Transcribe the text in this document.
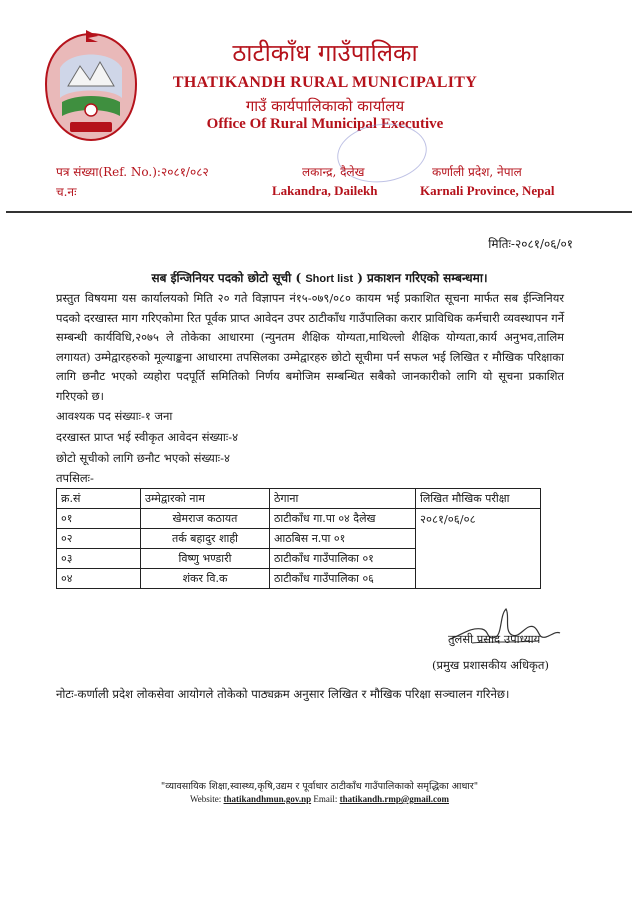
ठाटीकाँध गाउँपालिका
THATIKANDH RURAL MUNICIPALITY
गाउँ कार्यपालिकाको कार्यालय
Office Of Rural Municipal Executive
पत्र संख्या(Ref. No.):२०८१/०८२
च.नः
लकान्द्र, दैलेख
Lakandra, Dailekh
कर्णाली प्रदेश, नेपाल
Karnali Province, Nepal
मितिः-२०८१/०६/०१
सब ईन्जिनियर पदको छोटो सूची ( Short list ) प्रकाशन गरिएको सम्बन्धमा।
प्रस्तुत विषयमा यस कार्यालयको मिति २० गते विज्ञापन नं१५-०७९/०८० कायम भई प्रकाशित सूचना मार्फत सब ईन्जिनियर पदको दरखास्त माग गरिएकोमा रित पूर्वक प्राप्त आवेदन उपर ठाटीकाँध गाउँपालिका करार प्राविधिक कर्मचारी व्यवस्थापन गर्ने सम्बन्धी कार्यविधि,२०७५ ले तोकेका आधारमा (न्युनतम शैक्षिक योग्यता,माथिल्लो शैक्षिक योग्यता,कार्य अनुभव,तालिम लगायत) उम्मेद्वारहरुको मूल्याङ्कना आधारमा तपसिलका उम्मेद्वारहरु छोटो सूचीमा पर्न सफल भई लिखित र मौखिक परिक्षाका लागि छनौट भएको व्यहोरा पदपूर्ति समितिको निर्णय बमोजिम सम्बन्धित सबैको जानकारीको लागि यो सूचना प्रकाशित गरिएको छ।
आवश्यक पद संख्याः-१ जना
दरखास्त प्राप्त भई स्वीकृत आवेदन संख्याः-४
छोटो सूचीको लागि छनौट भएको संख्याः-४
तपसिलः-
क्र.सं	उम्मेद्वारको नाम	ठेगाना	लिखित मौखिक परीक्षा
०१	खेमराज कठायत	ठाटीकाँध गा.पा ०४ दैलेख	२०८१/०६/०८
०२	तर्क बहादुर शाही	आठबिस न.पा ०१	
०३	विष्णु भण्डारी	ठाटीकाँध गाउँपालिका ०१	
०४	शंकर वि.क	ठाटीकाँध गाउँपालिका ०६	
तुलसी प्रसाद उपाध्याय
(प्रमुख प्रशासकीय अधिकृत)
नोटः-कर्णाली प्रदेश लोकसेवा आयोगले तोकेको पाठ्यक्रम अनुसार लिखित र मौखिक परिक्षा सञ्चालन गरिनेछ।
"व्यावसायिक शिक्षा,स्वास्थ्य,कृषि,उद्यम र पूर्वाधार ठाटीकाँध गाउँपालिकाको समृद्धिका आधार"
Website: thatikandhmun.gov.np Email: thatikandh.rmp@gmail.com
